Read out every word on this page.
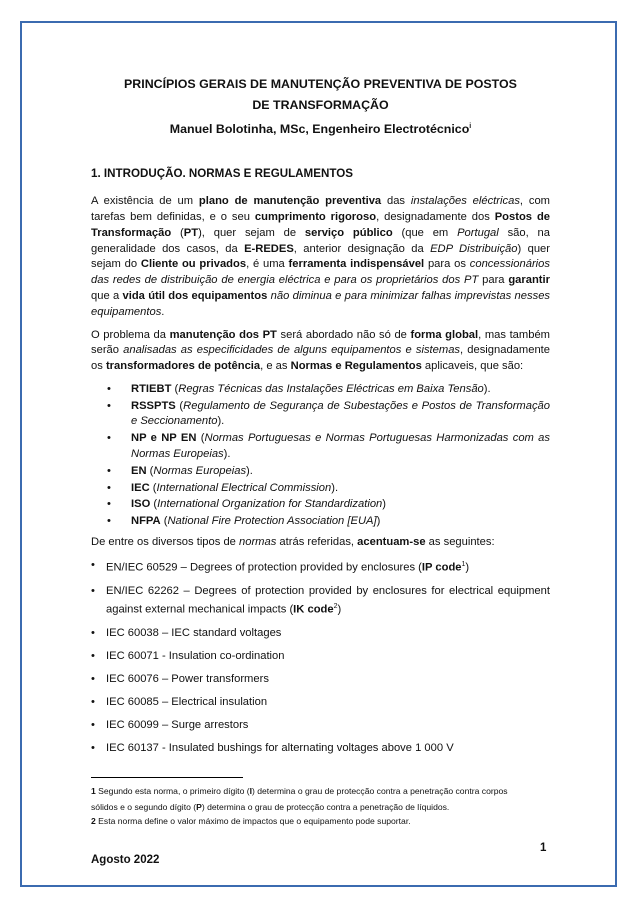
PRINCÍPIOS GERAIS DE MANUTENÇÃO PREVENTIVA DE POSTOS
DE TRANSFORMAÇÃO

Manuel Bolotinha, MSc, Engenheiro Electrotécnico$^i$

1. INTRODUÇÃO. NORMAS E REGULAMENTOS

A existência de um plano de manutenção preventiva das instalações eléctricas, com tarefas bem definidas, e o seu cumprimento rigoroso, designadamente dos Postos de Transformação (PT), quer sejam de serviço público (que em Portugal são, na generalidade dos casos, da E-REDES, anterior designação da EDP Distribuição) quer sejam do Cliente ou privados, é uma ferramenta indispensável para os concessionários das redes de distribuição de energia eléctrica e para os proprietários dos PT para garantir que a vida útil dos equipamentos não diminua e para minimizar falhas imprevistas nesses equipamentos.

O problema da manutenção dos PT será abordado não só de forma global, mas também serão analisadas as especificidades de alguns equipamentos e sistemas, designadamente os transformadores de potência, e as Normas e Regulamentos aplicaveis, que são:

• RTIEBT (Regras Técnicas das Instalações Eléctricas em Baixa Tensão).
• RSSPTS (Regulamento de Segurança de Subestações e Postos de Transformação e Seccionamento).
• NP e NP EN (Normas Portuguesas e Normas Portuguesas Harmonizadas com as Normas Europeias).
• EN (Normas Europeias).
• IEC (International Electrical Commission).
• ISO (International Organization for Standardization)
• NFPA (National Fire Protection Association [EUA])

De entre os diversos tipos de normas atrás referidas, acentuam-se as seguintes:

• EN/IEC 60529 – Degrees of protection provided by enclosures (IP code$^1$)
• EN/IEC 62262 – Degrees of protection provided by enclosures for electrical equipment against external mechanical impacts (IK code$^2$)
• IEC 60038 – IEC standard voltages
• IEC 60071 - Insulation co-ordination
• IEC 60076 – Power transformers
• IEC 60085 – Electrical insulation
• IEC 60099 – Surge arrestors
• IEC 60137 - Insulated bushings for alternating voltages above 1 000 V
1 Segundo esta norma, o primeiro dígito (I) determina o grau de protecção contra a penetração contra corpos
sólidos e o segundo dígito (P) determina o grau de protecção contra a penetração de líquidos.
2 Esta norma define o valor máximo de impactos que o equipamento pode suportar.
1
Agosto 2022
